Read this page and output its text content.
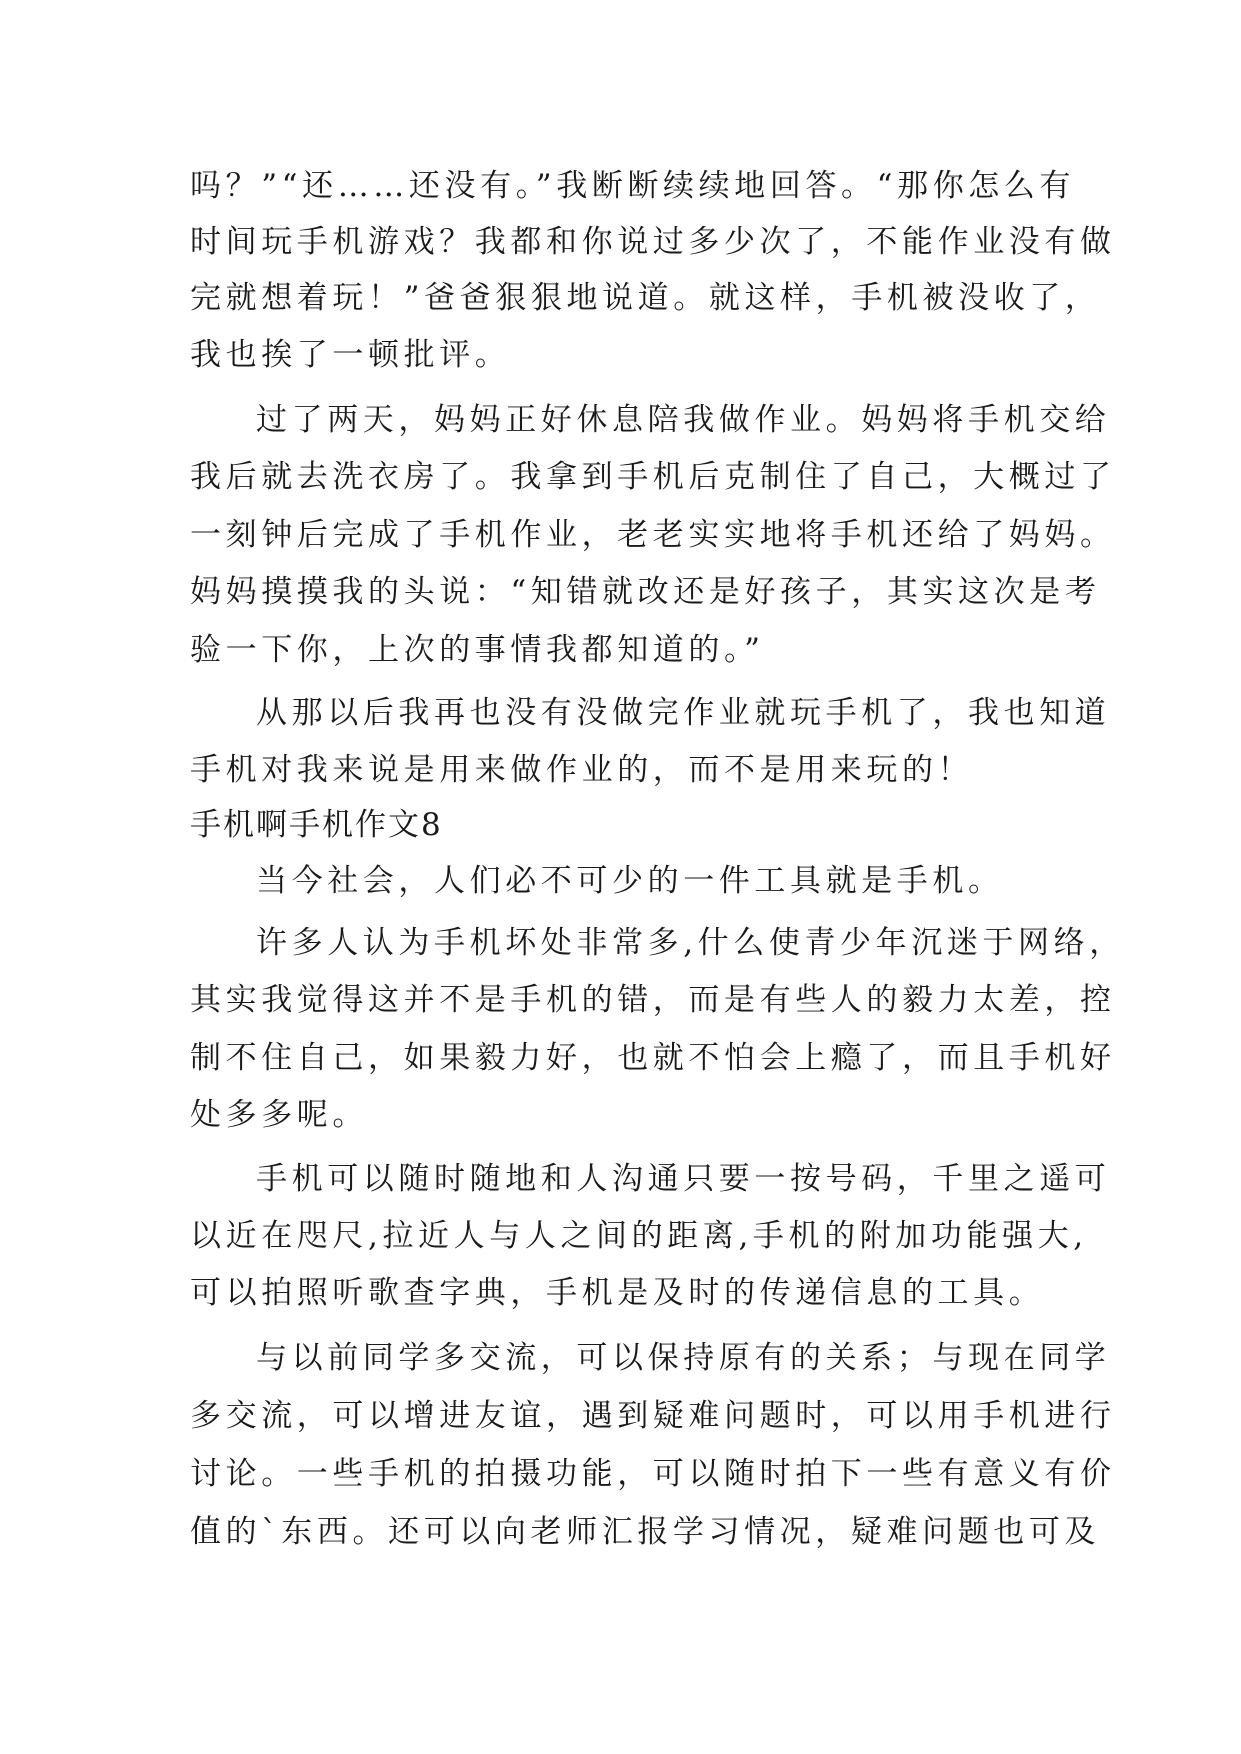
吗？”“还……还没有。”我断断续续地回答。“那你怎么有
时间玩手机游戏？我都和你说过多少次了，不能作业没有做
完就想着玩！”爸爸狠狠地说道。就这样，手机被没收了，
我也挨了一顿批评。
过了两天，妈妈正好休息陪我做作业。妈妈将手机交给
我后就去洗衣房了。我拿到手机后克制住了自己，大概过了
一刻钟后完成了手机作业，老老实实地将手机还给了妈妈。
妈妈摸摸我的头说：“知错就改还是好孩子，其实这次是考
验一下你，上次的事情我都知道的。”
从那以后我再也没有没做完作业就玩手机了，我也知道
手机对我来说是用来做作业的，而不是用来玩的！
手机啊手机作文8
当今社会，人们必不可少的一件工具就是手机。
许多人认为手机坏处非常多,什么使青少年沉迷于网络，
其实我觉得这并不是手机的错，而是有些人的毅力太差，控
制不住自己，如果毅力好，也就不怕会上瘾了，而且手机好
处多多呢。
手机可以随时随地和人沟通只要一按号码，千里之遥可
以近在咫尺,拉近人与人之间的距离,手机的附加功能强大,
可以拍照听歌查字典，手机是及时的传递信息的工具。
与以前同学多交流，可以保持原有的关系；与现在同学
多交流，可以增进友谊，遇到疑难问题时，可以用手机进行
讨论。一些手机的拍摄功能，可以随时拍下一些有意义有价
值的`东西。还可以向老师汇报学习情况，疑难问题也可及
